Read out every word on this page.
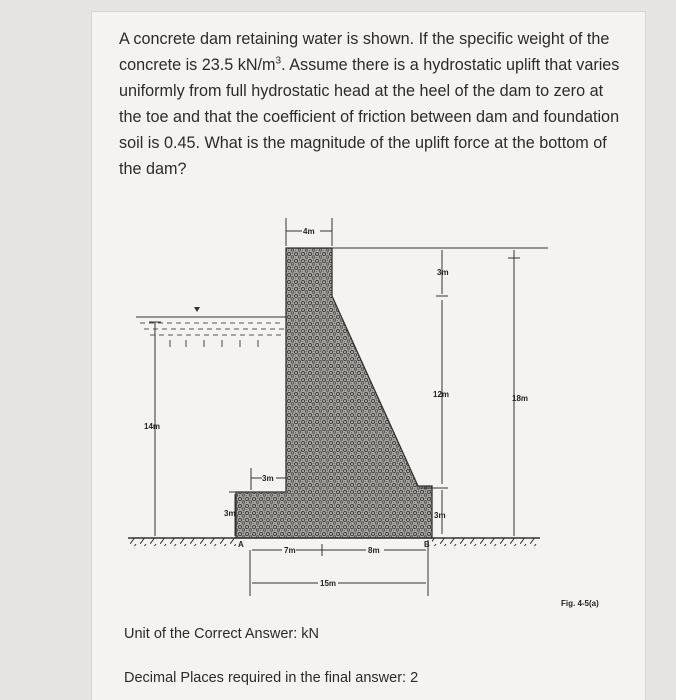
A concrete dam retaining water is shown. If the specific weight of the concrete is 23.5 $kN/m^3$. Assume there is a hydrostatic uplift that varies uniformly from full hydrostatic head at the heel of the dam to zero at the toe and that the coefficient of friction between dam and foundation soil is 0.45. What is the magnitude of the uplift force at the bottom of the dam?

14m
4m
18m
3m
12m
3m
3m
3m
A	B
7m	8m
15m
Fig. 4-5(a)
Unit of the Correct Answer: kN
Decimal Places required in the final answer: 2
